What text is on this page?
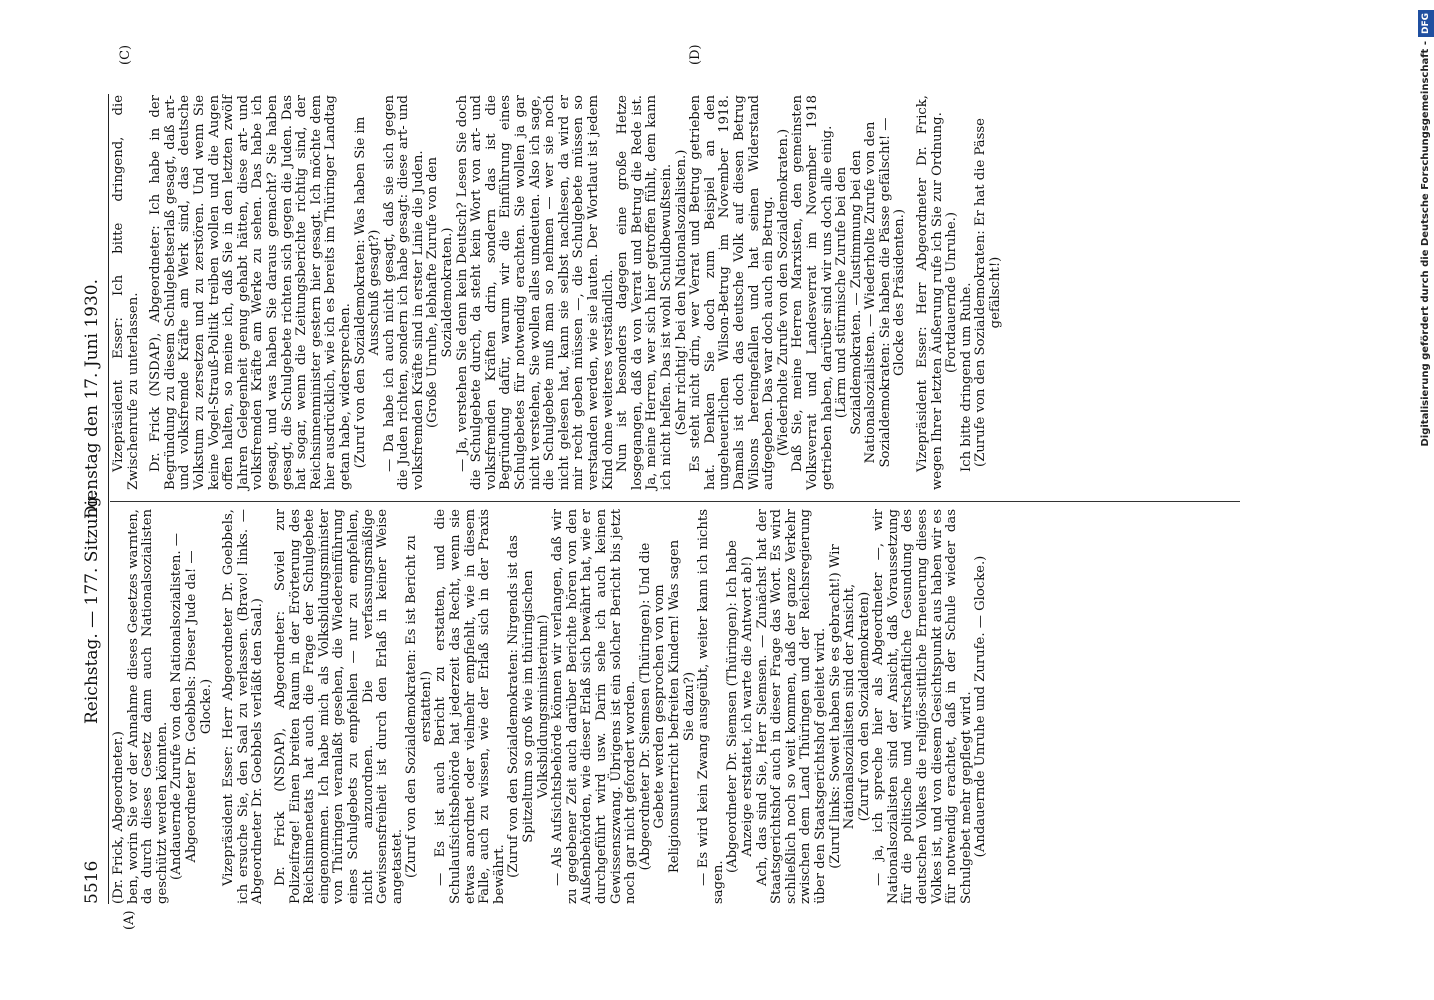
5516
Reichstag. — 177. Sitzung.
Dienstag den 17. Juni 1930.
(A)
(C)	(D)

(Dr. Frick, Abgeordneter.) ben, worin Sie vor der Annahme dieses Gesetzes warnten, da durch dieses Gesetz dann auch Nationalsozialisten geschützt werden könnten. (Andauernde Zurufe von den Nationalsozialisten. — Abgeordneter Dr. Goebbels: Dieser Jude da! — Glocke.) Vizepräsident Esser: Herr Abgeordneter Dr. Goebbels, ich ersuche Sie, den Saal zu verlassen. (Bravo! links. — Abgeordneter Dr. Goebbels verläßt den Saal.) Dr. Frick (NSDAP), Abgeordneter: Soviel zur Polizeifrage! Einen breiten Raum in der Erörterung des Reichsinnenetats hat auch die Frage der Schulgebete eingenommen. Ich habe mich als Volksbildungsminister von Thüringen veranlaßt gesehen, die Wiedereinführung eines Schulgebets zu empfehlen — nur zu empfehlen, nicht anzuordnen. Die verfassungsmäßige Gewissensfreiheit ist durch den Erlaß in keiner Weise angetastet. (Zuruf von den Sozialdemokraten: Es ist Bericht zu erstatten!) — Es ist auch Bericht zu erstatten, und die Schulaufsichtsbehörde hat jederzeit das Recht, wenn sie etwas anordnet oder vielmehr empfiehlt, wie in diesem Falle, auch zu wissen, wie der Erlaß sich in der Praxis bewährt. (Zuruf von den Sozialdemokraten: Nirgends ist das Spitzeltum so groß wie im thüringischen Volksbildungsministerium!) — Als Aufsichtsbehörde können wir verlangen, daß wir zu gegebener Zeit auch darüber Berichte hören von den Außenbehörden, wie dieser Erlaß sich bewährt hat, wie er durchgeführt wird usw. Darin sehe ich auch keinen Gewissenszwang. Übrigens ist ein solcher Bericht bis jetzt noch gar nicht gefordert worden. (Abgeordneter Dr. Siemsen (Thüringen): Und die Gebete werden gesprochen von vom Religionsunterricht befreiten Kindern! Was sagen Sie dazu?) — Es wird kein Zwang ausgeübt, weiter kann ich nichts sagen.

(Abgeordneter Dr. Siemsen (Thüringen): Ich habe Anzeige erstattet, ich warte die Antwort ab!) Ach, das sind Sie, Herr Siemsen. — Zunächst hat der Staatsgerichtshof auch in dieser Frage das Wort. Es wird schließlich noch so weit kommen, daß der ganze Verkehr zwischen dem Land Thüringen und der Reichsregierung über den Staatsgerichtshof geleitet wird. (Zuruf links: Soweit haben Sie es gebracht!) Wir Nationalsozialisten sind der Ansicht, (Zuruf von den Sozialdemokraten) — ja, ich spreche hier als Abgeordneter —, wir Nationalsozialisten sind der Ansicht, daß Voraussetzung für die politische und wirtschaftliche Gesundung des deutschen Volkes die religiös-sittliche Erneuerung dieses Volkes ist, und von diesem Gesichtspunkt aus haben wir es für notwendig erachtet, daß in der Schule wieder das Schulgebet mehr gepflegt wird. (Andauernde Unruhe und Zurufe. — Glocke.)

Vizepräsident Esser: Ich bitte dringend, die Zwischenrufe zu unterlassen. Dr. Frick (NSDAP), Abgeordneter: Ich habe in der Begründung zu diesem Schulgebetserlaß gesagt, daß art- und volksfremde Kräfte am Werk sind, das deutsche Volkstum zu zersetzen und zu zerstören. Und wenn Sie keine Vogel-Strauß-Politik treiben wollen und die Augen offen halten, so meine ich, daß Sie in den letzten zwölf Jahren Gelegenheit genug gehabt hätten, diese art- und volksfremden Kräfte am Werke zu sehen. Das habe ich gesagt, und was haben Sie daraus gemacht? Sie haben gesagt, die Schulgebete richten sich gegen die Juden. Das hat sogar, wenn die Zeitungsberichte richtig sind, der Reichsinnenminister gestern hier gesagt. Ich möchte dem hier ausdrücklich, wie ich es bereits im Thüringer Landtag getan habe, widersprechen. (Zuruf von den Sozialdemokraten: Was haben Sie im Ausschuß gesagt?) — Da habe ich auch nicht gesagt, daß sie sich gegen die Juden richten, sondern ich habe gesagt: diese art- und volksfremden Kräfte sind in erster Linie die Juden. (Große Unruhe, lebhafte Zurufe von den Sozialdemokraten.) — Ja, verstehen Sie denn kein Deutsch? Lesen Sie doch die Schulgebete durch, da steht kein Wort von art- und volksfremden Kräften drin, sondern das ist die Begründung dafür, warum wir die Einführung eines Schulgebetes für notwendig erachten. Sie wollen ja gar nicht verstehen, Sie wollen alles umdeuten. Also ich sage, die Schulgebete muß man so nehmen — wer sie noch nicht gelesen hat, kann sie selbst nachlesen, da wird er mir recht geben müssen —, die Schulgebete müssen so verstanden werden, wie sie lauten. Der Wortlaut ist jedem Kind ohne weiteres verständlich. Nun ist besonders dagegen eine große Hetze losgegangen, daß da von Verrat und Betrug die Rede ist. Ja, meine Herren, wer sich hier getroffen fühlt, dem kann ich nicht helfen. Das ist wohl Schuldbewußtsein. (Sehr richtig! bei den Nationalsozialisten.) Es steht nicht drin, wer Verrat und Betrug getrieben hat. Denken Sie doch zum Beispiel an den ungeheuerlichen Wilson-Betrug im November 1918. Damals ist doch das deutsche Volk auf diesen Betrug Wilsons hereingefallen und hat seinen Widerstand aufgegeben. Das war doch auch ein Betrug. (Wiederholte Zurufe von den Sozialdemokraten.) Daß Sie, meine Herren Marxisten, den gemeinsten Volksverrat und Landesverrat im November 1918 getrieben haben, darüber sind wir uns doch alle einig. (Lärm und stürmische Zurufe bei den Sozialdemokraten. — Zustimmung bei den Nationalsozialisten. — Wiederholte Zurufe von den Sozialdemokraten: Sie haben die Pässe gefälscht! — Glocke des Präsidenten.) Vizepräsident Esser: Herr Abgeordneter Dr. Frick, wegen Ihrer letzten Äußerung rufe ich Sie zur Ordnung. (Fortdauernde Unruhe.) Ich bitte dringend um Ruhe. (Zurufe von den Sozialdemokraten: Er hat die Pässe gefälscht!)	Digitalisierung gefördert durch die Deutsche Forschungsgemeinschaft -DFG
